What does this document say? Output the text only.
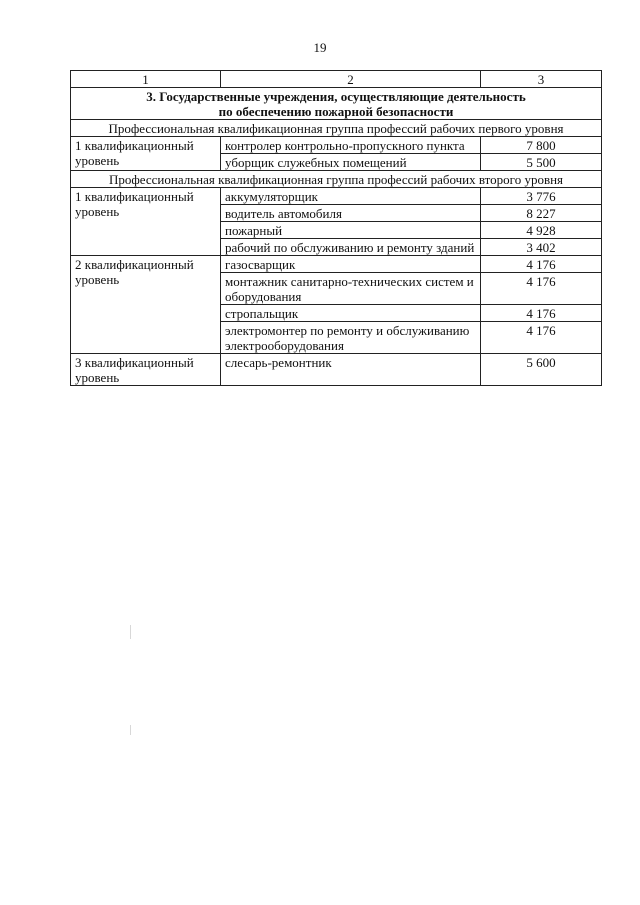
19
1	2	3
3. Государственные учреждения, осуществляющие деятельность
по обеспечению пожарной безопасности		
Профессиональная квалификационная группа профессий рабочих первого уровня		
1 квалификационный уровень	контролер контрольно-пропускного пункта	7 800
	уборщик служебных помещений	5 500
Профессиональная квалификационная группа профессий рабочих второго уровня		
1 квалификационный уровень	аккумуляторщик	3 776
	водитель автомобиля	8 227
	пожарный	4 928
	рабочий по обслуживанию и ремонту зданий	3 402
2 квалификационный уровень	газосварщик	4 176
	монтажник санитарно-технических систем и оборудования	4 176
	стропальщик	4 176
	электромонтер по ремонту и обслуживанию электрооборудования	4 176
3 квалификационный уровень	слесарь-ремонтник	5 600
